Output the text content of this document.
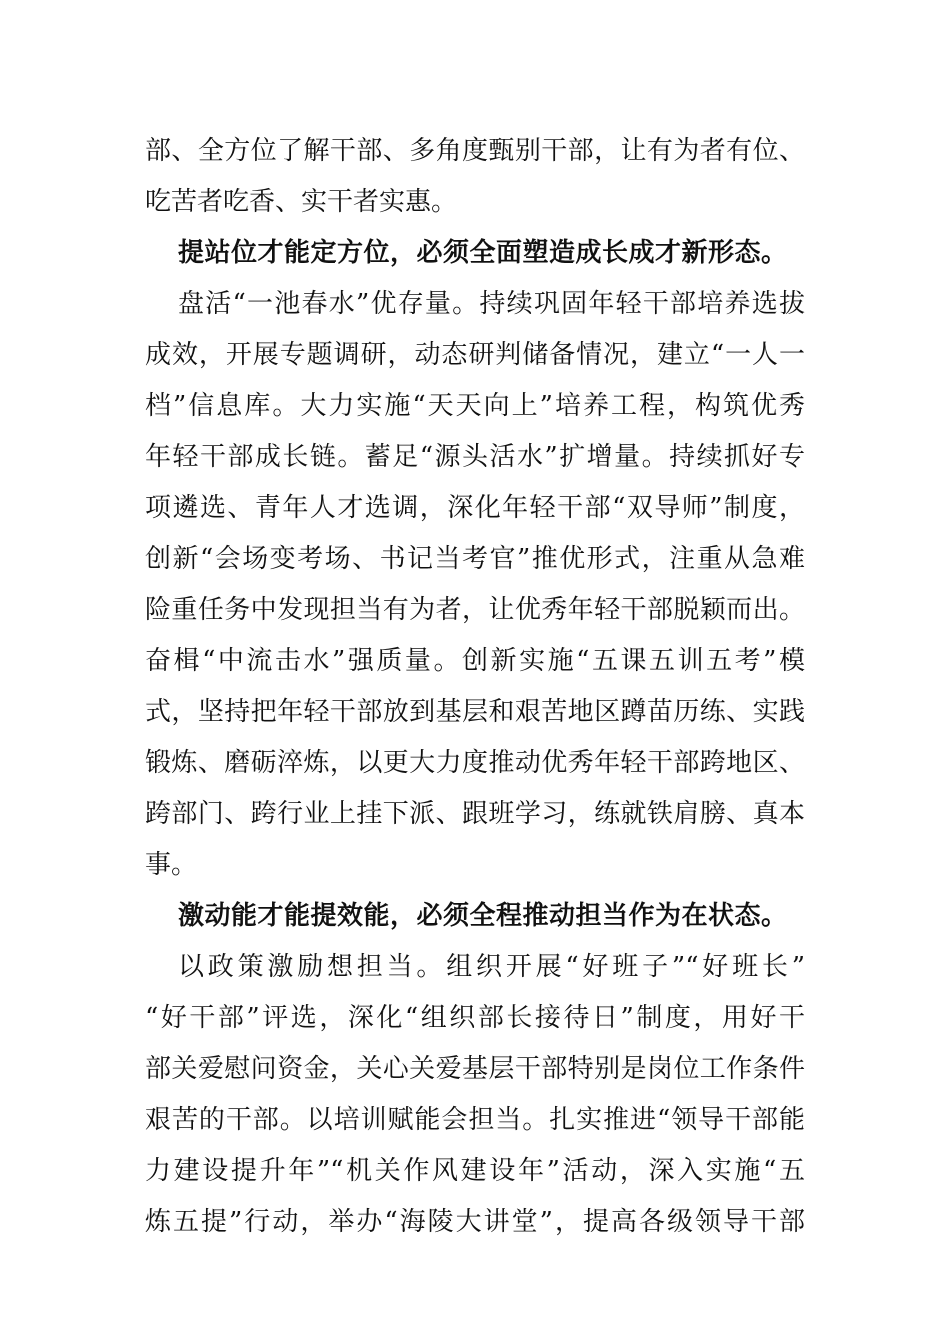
部、全方位了解干部、多角度甄别干部，让有为者有位、
吃苦者吃香、实干者实惠。
提站位才能定方位，必须全面塑造成长成才新形态。
盘活“一池春水”优存量。持续巩固年轻干部培养选拔
成效，开展专题调研，动态研判储备情况，建立“一人一
档”信息库。大力实施“天天向上”培养工程，构筑优秀
年轻干部成长链。蓄足“源头活水”扩增量。持续抓好专
项遴选、青年人才选调，深化年轻干部“双导师”制度，
创新“会场变考场、书记当考官”推优形式，注重从急难
险重任务中发现担当有为者，让优秀年轻干部脱颖而出。
奋楫“中流击水”强质量。创新实施“五课五训五考”模
式，坚持把年轻干部放到基层和艰苦地区蹲苗历练、实践
锻炼、磨砺淬炼，以更大力度推动优秀年轻干部跨地区、
跨部门、跨行业上挂下派、跟班学习，练就铁肩膀、真本
事。
激动能才能提效能，必须全程推动担当作为在状态。
以政策激励想担当。组织开展“好班子”“好班长”
“好干部”评选，深化“组织部长接待日”制度，用好干
部关爱慰问资金，关心关爱基层干部特别是岗位工作条件
艰苦的干部。以培训赋能会担当。扎实推进“领导干部能
力建设提升年”“机关作风建设年”活动，深入实施“五
炼五提”行动，举办“海陵大讲堂”，提高各级领导干部
